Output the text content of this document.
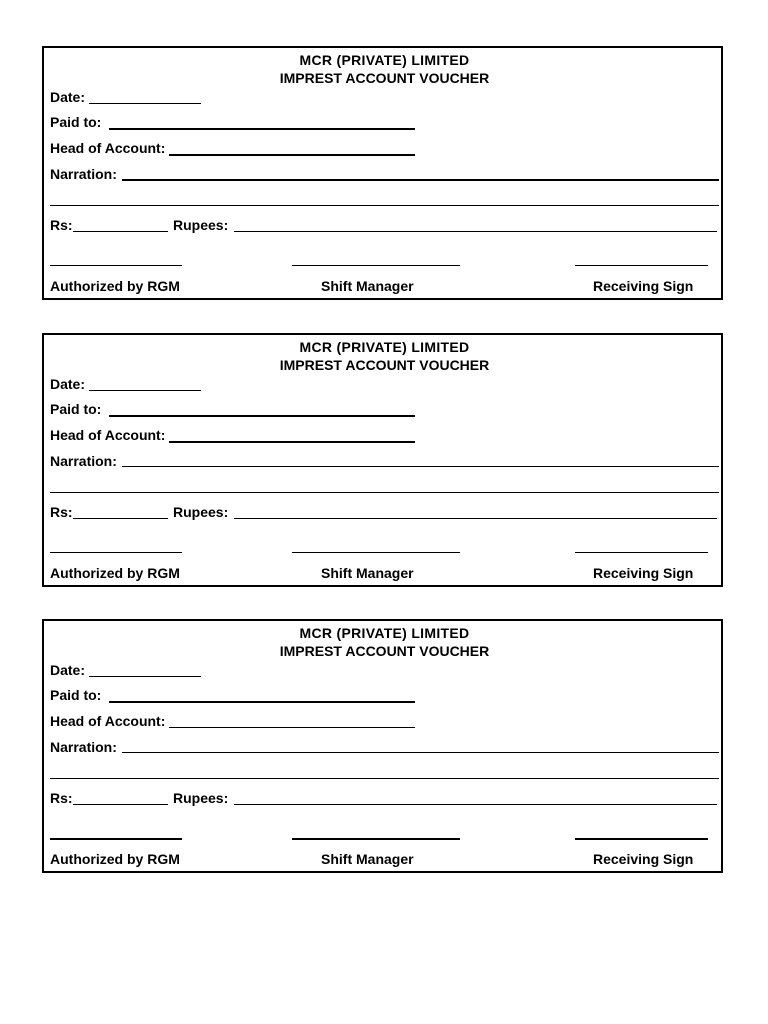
MCR (PRIVATE) LIMITED
IMPREST ACCOUNT VOUCHER
Date:
Paid to:
Head of Account:
Narration:
Rs:	Rupees:
Authorized by RGM	Shift Manager	Receiving Sign
MCR (PRIVATE) LIMITED
IMPREST ACCOUNT VOUCHER
Date:
Paid to:
Head of Account:
Narration:
Rs:	Rupees:
Authorized by RGM	Shift Manager	Receiving Sign
MCR (PRIVATE) LIMITED
IMPREST ACCOUNT VOUCHER
Date:
Paid to:
Head of Account:
Narration:
Rs:	Rupees:
Authorized by RGM	Shift Manager	Receiving Sign
